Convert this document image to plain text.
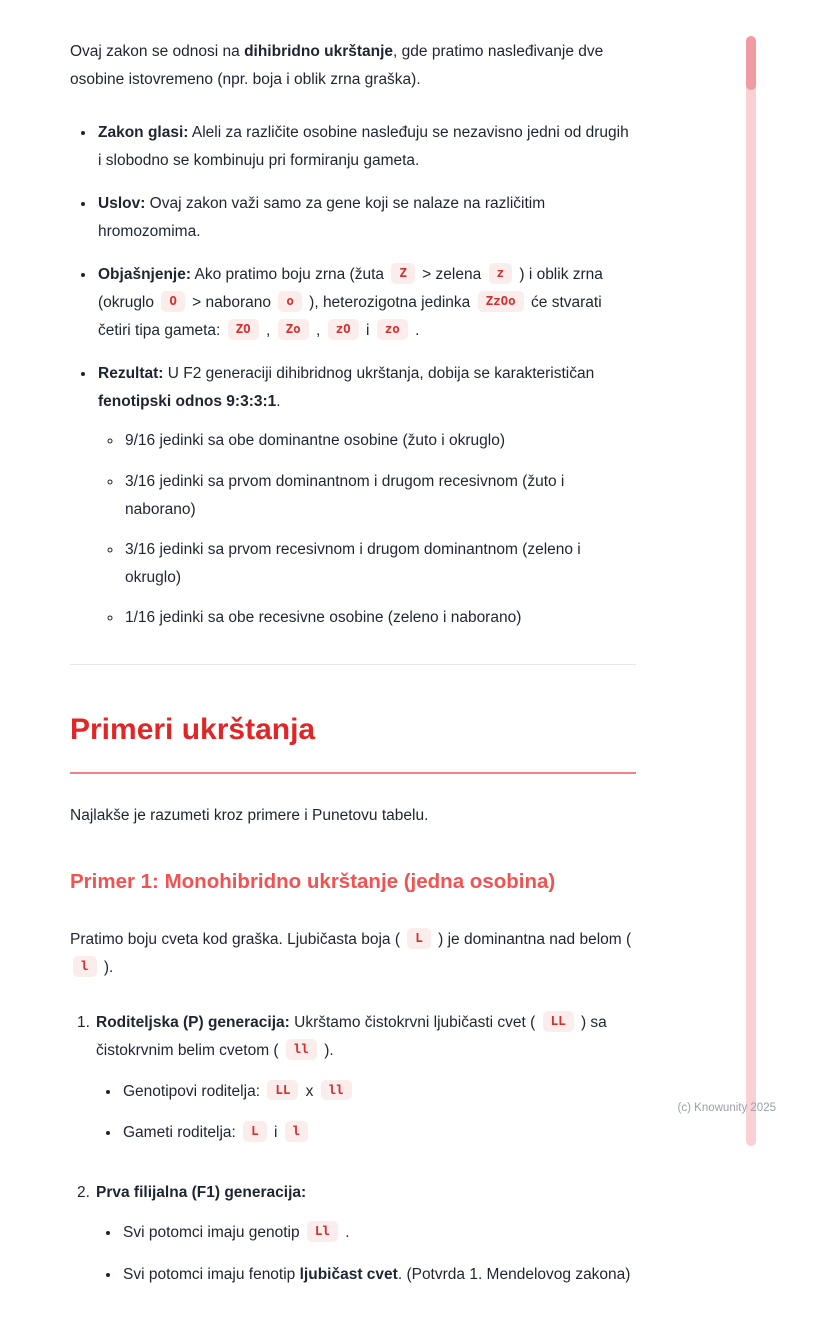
Ovaj zakon se odnosi na dihibridno ukrštanje, gde pratimo nasleđivanje dve osobine istovremeno (npr. boja i oblik zrna graška).

• Zakon glasi: Aleli za različite osobine nasleđuju se nezavisno jedni od drugih i slobodno se kombinuju pri formiranju gameta.
• Uslov: Ovaj zakon važi samo za gene koji se nalaze na različitim hromozomima.
• Objašnjenje: Ako pratimo boju zrna (žuta Z > zelena z ) i oblik zrna (okruglo O > naborano o ), heterozigotna jedinka ZzOo će stvarati četiri tipa gameta: ZO , Zo , zO i zo .
• Rezultat: U F2 generaciji dihibridnog ukrštanja, dobija se karakterističan fenotipski odnos 9:3:3:1.
◦ 9/16 jedinki sa obe dominantne osobine (žuto i okruglo)
◦ 3/16 jedinki sa prvom dominantnom i drugom recesivnom (žuto i naborano)
◦ 3/16 jedinki sa prvom recesivnom i drugom dominantnom (zeleno i okruglo)
◦ 1/16 jedinki sa obe recesivne osobine (zeleno i naborano)
Primeri ukrštanja

Najlakše je razumeti kroz primere i Punetovu tabelu.

Primer 1: Monohibridno ukrštanje (jedna osobina)

Pratimo boju cveta kod graška. Ljubičasta boja ( L ) je dominantna nad belom ( l ).

1. Roditeljska (P) generacija: Ukrštamo čistokrvni ljubičasti cvet ( LL ) sa čistokrvnim belim cvetom ( ll ).
• Genotipovi roditelja: LL x ll
• Gameti roditelja: L i l
2. Prva filijalna (F1) generacija:
• Svi potomci imaju genotip Ll .
• Svi potomci imaju fenotip ljubičast cvet. (Potvrda 1. Mendelovog zakona)
(c) Knowunity 2025
